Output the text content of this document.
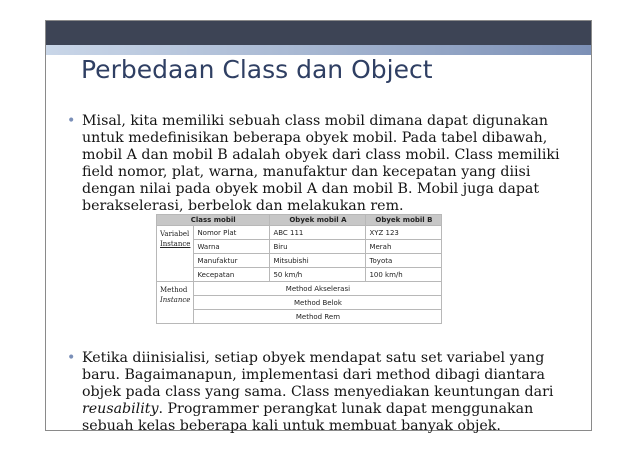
Perbedaan Class dan Object
• Misal, kita memiliki sebuah class mobil dimana dapat digunakan untuk medefinisikan beberapa obyek mobil. Pada tabel dibawah, mobil A dan mobil B adalah obyek dari class mobil. Class memiliki field nomor, plat, warna, manufaktur dan kecepatan yang diisi dengan nilai pada obyek mobil A dan mobil B. Mobil juga dapat berakselerasi, berbelok dan melakukan rem.
Class mobil		Obyek mobil A	Obyek mobil B
Variabel
Instance	Nomor Plat	ABC 111	XYZ 123
	Warna	Biru	Merah
	Manufaktur	Mitsubishi	Toyota
	Kecepatan	50 km/h	100 km/h
Method
Instance	Method Akselerasi		
	Method Belok		
	Method Rem		
• Ketika diinisialisi, setiap obyek mendapat satu set variabel yang baru. Bagaimanapun, implementasi dari method dibagi diantara objek pada class yang sama. Class menyediakan keuntungan dari reusability. Programmer perangkat lunak dapat menggunakan sebuah kelas beberapa kali untuk membuat banyak objek.
